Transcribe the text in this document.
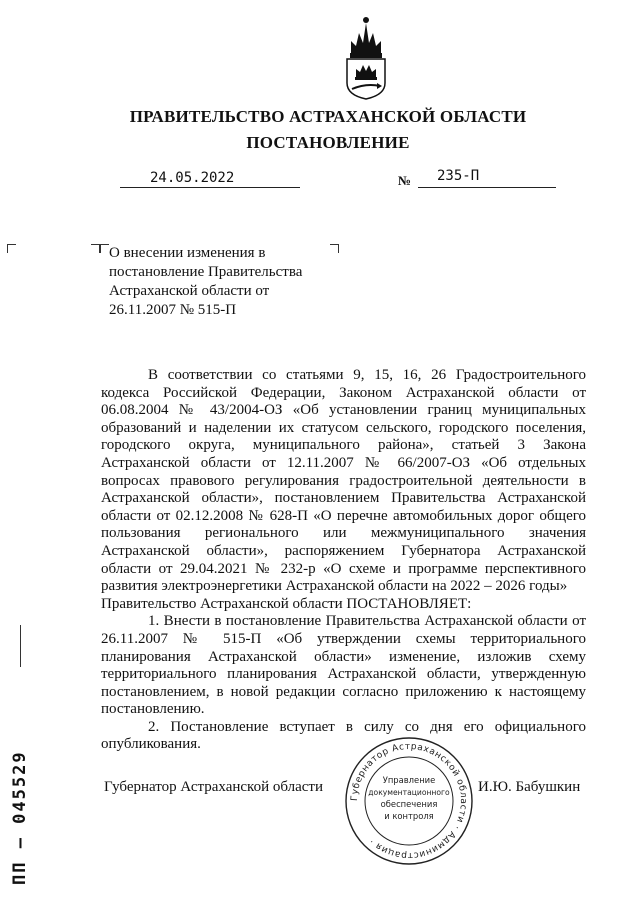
ПРАВИТЕЛЬСТВО АСТРАХАНСКОЙ ОБЛАСТИ
ПОСТАНОВЛЕНИЕ
24.05.2022	№ 235-П
О внесении изменения в постановление Правительства Астраханской области от 26.11.2007 № 515-П

В соответствии со статьями 9, 15, 16, 26 Градостроительного кодекса Российской Федерации, Законом Астраханской области от 06.08.2004 № 43/2004-ОЗ «Об установлении границ муниципальных образований и наделении их статусом сельского, городского поселения, городского округа, муниципального района», статьей 3 Закона Астраханской области от 12.11.2007 № 66/2007-ОЗ «Об отдельных вопросах правового регулирования градостроительной деятельности в Астраханской области», постановлением Правительства Астраханской области от 02.12.2008 № 628-П «О перечне автомобильных дорог общего пользования регионального или межмуниципального значения Астраханской области», распоряжением Губернатора Астраханской области от 29.04.2021 № 232-р «О схеме и программе перспективного развития электроэнергетики Астраханской области на 2022 – 2026 годы»

Правительство Астраханской области ПОСТАНОВЛЯЕТ:

1. Внести в постановление Правительства Астраханской области от 26.11.2007 № 515-П «Об утверждении схемы территориального планирования Астраханской области» изменение, изложив схему территориального планирования Астраханской области, утвержденную постановлением, в новой редакции согласно приложению к настоящему постановлению.

2. Постановление вступает в силу со дня его официального опубликования.

Губернатор Астраханской области	И.Ю. Бабушкин
Губернатор Астраханской области · Администрация ·
Управление
документационного
обеспечения
и контроля
ПП – 045529
